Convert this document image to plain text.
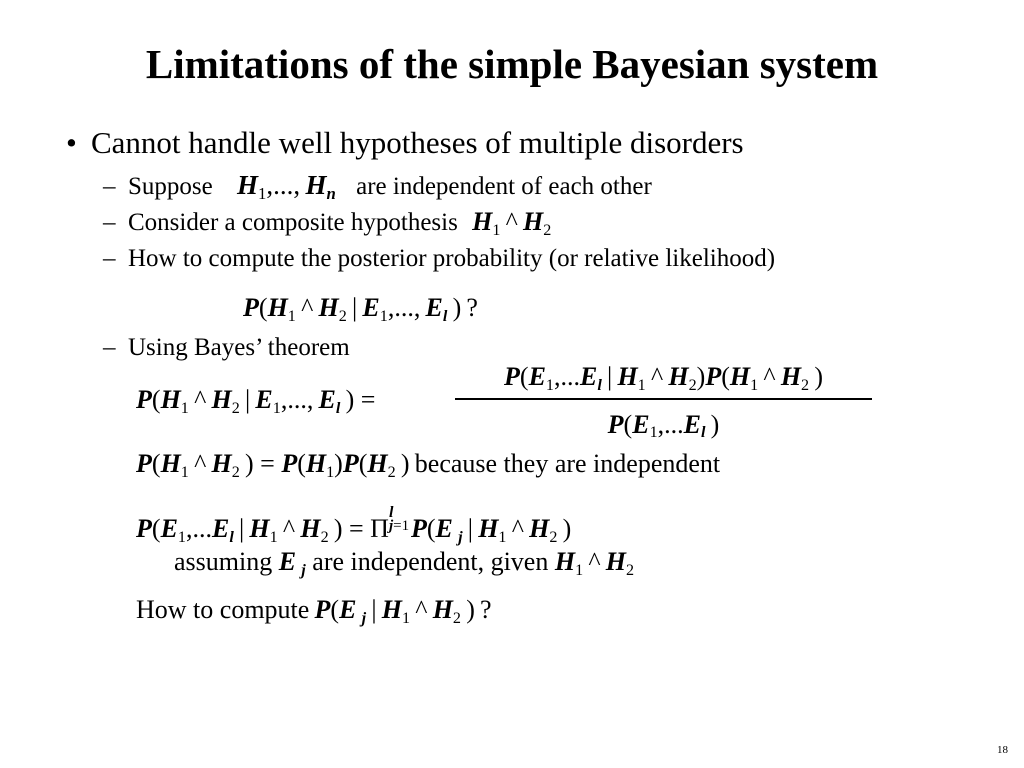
Limitations of the simple Bayesian system
• Cannot handle well hypotheses of multiple disorders
– Suppose H1,..., Hn are independent of each other
– Consider a composite hypothesis H1 ^ H2
– How to compute the posterior probability (or relative likelihood)
P(H1 ^ H2 | E1,..., El ) ?
– Using Bayes’ theorem
P(H1 ^ H2 | E1,..., El ) =
P(E1,...El | H1 ^ H2)P(H1 ^ H2 )
P(E1,...El )
P(H1 ^ H2 ) = P(H1)P(H2 ) because they are independent
P(E1,...El | H1 ^ H2 ) = Π
l
j=1 P(E  j | H1 ^ H2 )
assuming E  j are independent, given H1 ^ H2
How to compute  P(E  j | H1 ^ H2 ) ?
18
